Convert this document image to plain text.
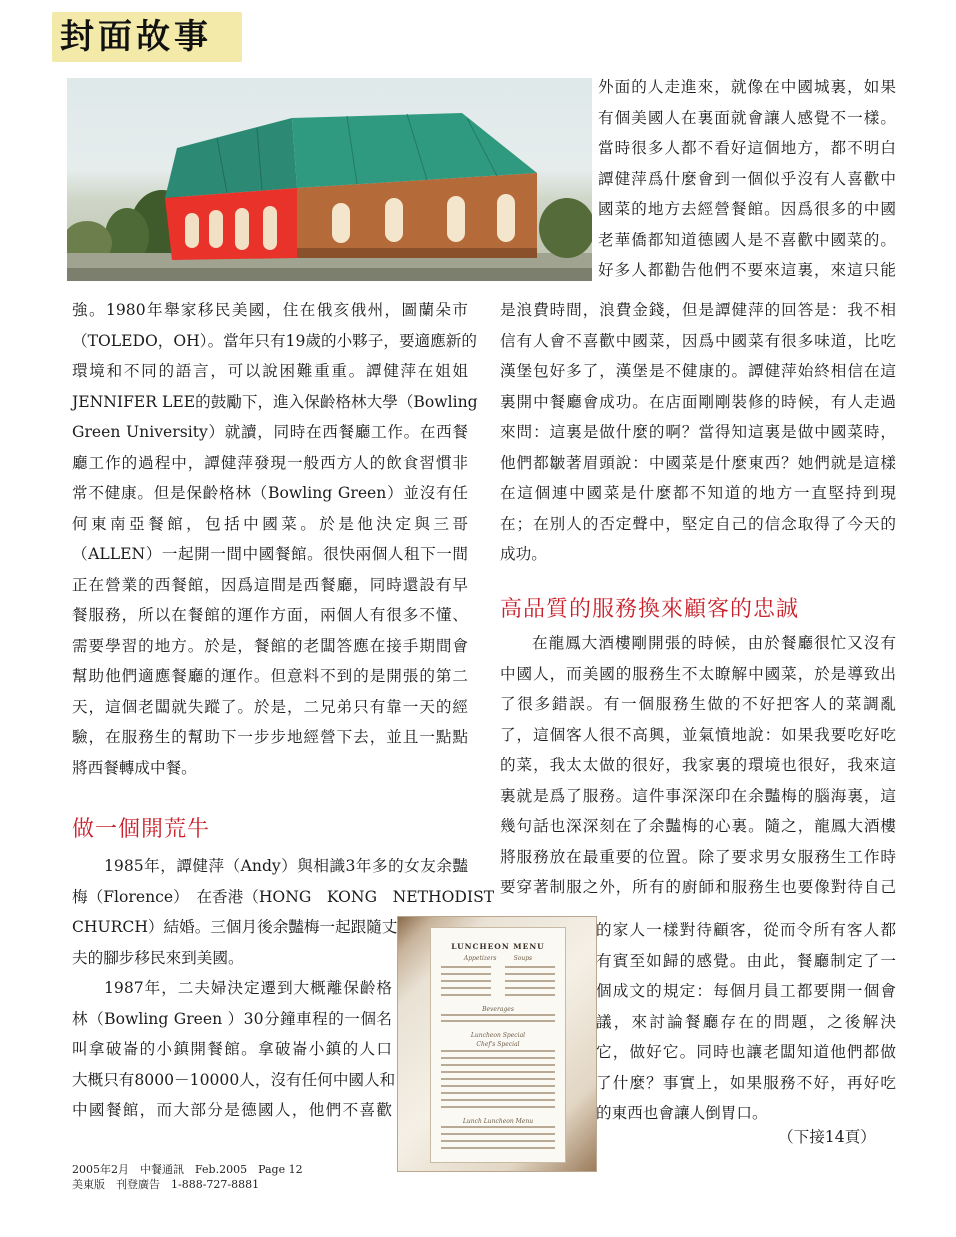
封面故事
外面的人走進來，就像在中國城裏，如果
有個美國人在裏面就會讓人感覺不一樣。
當時很多人都不看好這個地方，都不明白
譚健萍爲什麼會到一個似乎沒有人喜歡中
國菜的地方去經營餐館。因爲很多的中國
老華僑都知道德國人是不喜歡中國菜的。
好多人都勸告他們不要來這裏，來這只能
強。1980年舉家移民美國，住在俄亥俄州，圖蘭朵市
（TOLEDO，OH）。當年只有19歲的小夥子，要適應新的
環境和不同的語言，可以說困難重重。譚健萍在姐姐
JENNIFER LEE的鼓勵下，進入保齡格林大學（Bowling
Green University）就讀，同時在西餐廳工作。在西餐
廳工作的過程中，譚健萍發現一般西方人的飲食習慣非
常不健康。但是保齡格林（Bowling Green）並沒有任
何東南亞餐館，包括中國菜。於是他決定與三哥
（ALLEN）一起開一間中國餐館。很快兩個人租下一間
正在營業的西餐館，因爲這間是西餐廳，同時還設有早
餐服務，所以在餐館的運作方面，兩個人有很多不懂、
需要學習的地方。於是，餐館的老闆答應在接手期間會
幫助他們適應餐廳的運作。但意料不到的是開張的第二
天，這個老闆就失蹤了。於是，二兄弟只有靠一天的經
驗，在服務生的幫助下一步步地經營下去，並且一點點
將西餐轉成中餐。
做一個開荒牛
1985年，譚健萍（Andy）與相識3年多的女友余豔
梅（Florence）　在香港（HONG　KONG　NETHODIST
CHURCH）結婚。三個月後余豔梅一起跟隨丈
夫的腳步移民來到美國。
1987年，二夫婦決定遷到大概離保齡格
林（Bowling Green ）30分鐘車程的一個名
叫拿破崙的小鎮開餐館。拿破崙小鎮的人口
大概只有8000－10000人，沒有任何中國人和
中國餐館，而大部分是德國人，他們不喜歡
是浪費時間，浪費金錢，但是譚健萍的回答是：我不相
信有人會不喜歡中國菜，因爲中國菜有很多味道，比吃
漢堡包好多了，漢堡是不健康的。譚健萍始終相信在這
裏開中餐廳會成功。在店面剛剛裝修的時候，有人走過
來問：這裏是做什麼的啊？當得知這裏是做中國菜時，
他們都皺著眉頭說：中國菜是什麼東西？她們就是這樣
在這個連中國菜是什麼都不知道的地方一直堅持到現
在；在別人的否定聲中，堅定自己的信念取得了今天的
成功。
高品質的服務換來顧客的忠誠
在龍鳳大酒樓剛開張的時候，由於餐廳很忙又沒有
中國人，而美國的服務生不太瞭解中國菜，於是導致出
了很多錯誤。有一個服務生做的不好把客人的菜調亂
了，這個客人很不高興，並氣憤地說：如果我要吃好吃
的菜，我太太做的很好，我家裏的環境也很好，我來這
裏就是爲了服務。這件事深深印在余豔梅的腦海裏，這
幾句話也深深刻在了余豔梅的心裏。隨之，龍鳳大酒樓
將服務放在最重要的位置。除了要求男女服務生工作時
要穿著制服之外，所有的廚師和服務生也要像對待自己
的家人一樣對待顧客，從而令所有客人都
有賓至如歸的感覺。由此，餐廳制定了一
個成文的規定：每個月員工都要開一個會
議，來討論餐廳存在的問題，之後解決
它，做好它。同時也讓老闆知道他們都做
了什麼？事實上，如果服務不好，再好吃
的東西也會讓人倒胃口。
（下接14頁）
LUNCHEON MENU
Appetizers	Soups
Beverages
Luncheon Special
Chef's Special
Lunch Luncheon Menu
2005年2月　中餐通訊　Feb.2005　Page 12
美東版　刊登廣告　1-888-727-8881
